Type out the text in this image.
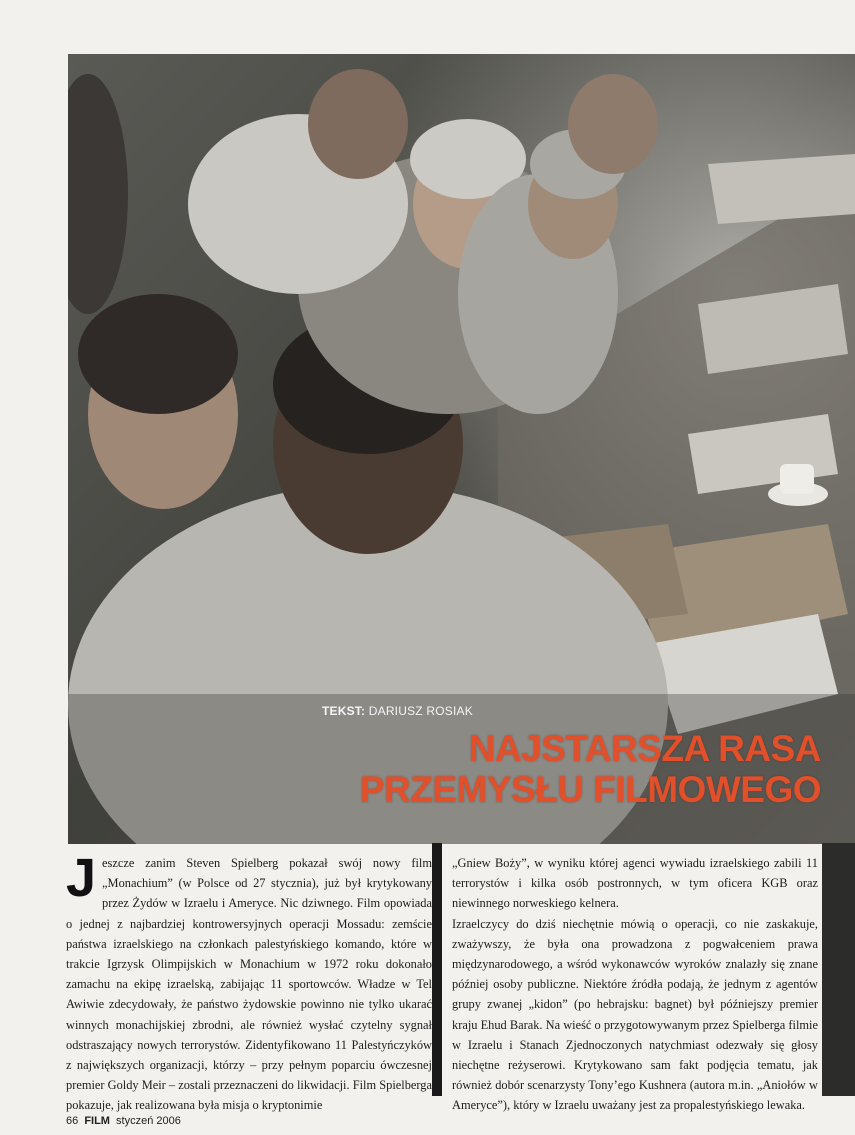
TEKST: DARIUSZ ROSIAK
NAJSTARSZA RASA
PRZEMYSŁU FILMOWEGO
J eszcze zanim Steven Spielberg pokazał swój nowy film „Monachium” (w Polsce od 27 stycznia), już był krytykowany przez Żydów w Izraelu i Ameryce. Nic dziwnego. Film opowiada o jednej z najbardziej kontrowersyjnych operacji Mossadu: zemście państwa izraelskiego na członkach palestyńskiego komando, które w trakcie Igrzysk Olimpijskich w Monachium w 1972 roku dokonało zamachu na ekipę izraelską, zabijając 11 sportowców. Władze w Tel Awiwie zdecydowały, że państwo żydowskie powinno nie tylko ukarać winnych monachijskiej zbrodni, ale również wysłać czytelny sygnał odstraszający nowych terrorystów. Zidentyfikowano 11 Palestyńczyków z największych organizacji, którzy – przy pełnym poparciu ówczesnej premier Goldy Meir – zostali przeznaczeni do likwidacji. Film Spielberga pokazuje, jak realizowana była misja o kryptonimie

„Gniew Boży”, w wyniku której agenci wywiadu izraelskiego zabili 11 terrorystów i kilka osób postronnych, w tym oficera KGB oraz niewinnego norweskiego kelnera.

Izraelczycy do dziś niechętnie mówią o operacji, co nie zaskakuje, zważywszy, że była ona prowadzona z pogwałceniem prawa międzynarodowego, a wśród wykonawców wyroków znalazły się znane później osoby publiczne. Niektóre źródła podają, że jednym z agentów grupy zwanej „kidon” (po hebrajsku: bagnet) był późniejszy premier kraju Ehud Barak. Na wieść o przygotowywanym przez Spielberga filmie w Izraelu i Stanach Zjednoczonych natychmiast odezwały się głosy niechętne reżyserowi. Krytykowano sam fakt podjęcia tematu, jak również dobór scenarzysty Tony’ego Kushnera (autora m.in. „Aniołów w Ameryce”), który w Izraelu uważany jest za propalestyńskiego lewaka.

66 FILM styczeń 2006
